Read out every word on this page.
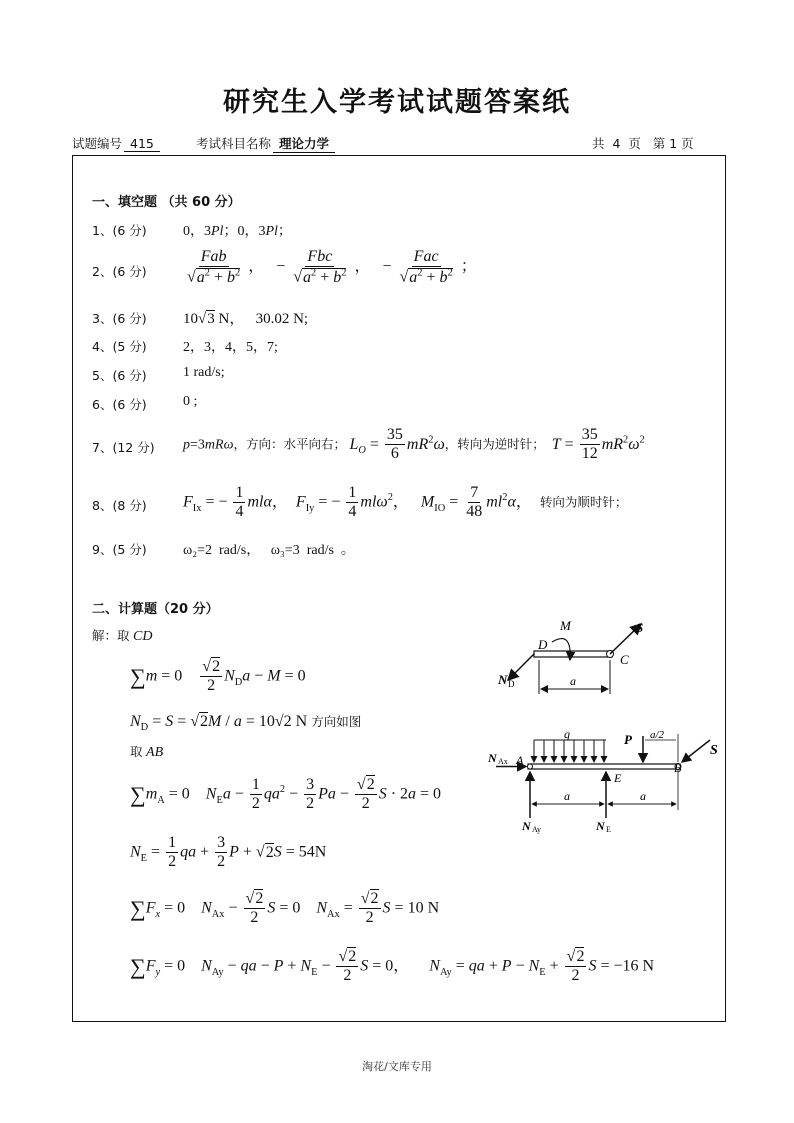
研究生入学考试试题答案纸
试题编号 415	考试科目名称 理论力学	共  4  页   第 1 页
一、填空题 （共 60 分）
1、(6 分)	0，3Pl；0，3Pl；
2、(6 分) $\frac{\text{Fab}}{√a^2 + b^2}$ ，   − $\frac{\text{Fbc}}{√a^2 + b^2}$ ，   − $\frac{\text{Fac}}{√a^2 + b^2}$ ；
3、(6 分) 10√3 N，   30.02 N;
4、(5 分)	2，3，4，5，7;
5、(6 分)	1 rad/s;
6、(6 分)	0 ;
7、(12 分) p=3mRω，方向：水平向右； $L_O = \frac{35}{6} mR^2\omega$，转向为逆时针； $T = \frac{35}{12} mR^2\omega^2$
8、(8 分) $F_{Ix}$ = − $\frac{1}{4}$ mlα，  $F_{Iy}$ = − $\frac{1}{4} ml\omega^2$，   $M_{IO} = \frac{7}{48} ml^2\alpha$，  转向为顺时针；
9、(5 分)	ω₂=2  rad/s，   ω₃=3  rad/s  。
二、计算题（20 分）
解：取 CD
$\sum m = 0 \frac{√2}{2} N_Da - M = 0$
$N_D = S = √2M / a = 10√2$ N 方向如图
取 AB
$\sum m_A = 0$    $N_Ea - \frac{1}{2} qa^2 - \frac{3}{2}$ $Pa - \frac{√2}{2}$ S · 2a = 0
$N_E = \frac{1}{2}$ qa + $\frac{3}{2}$ P + √2S = 54N
$\sum F_x = 0$    $N_{Ax} - \frac{√2}{2}$ S = 0    $N_{Ax} = \frac{√2}{2}$ S = 10 N
$\sum F_y = 0$    $N_{Ay}$ − qa − $P + N_E - \frac{√2}{2}$ S = 0，     $N_{Ay}$ = qa + $P - N_E + \frac{√2}{2}$ S = −16 N
M	S
D
C
a
N D
q	P a/2
S
N Ax A
E
B
a	a
N Ay	N E
淘花/文库专用
